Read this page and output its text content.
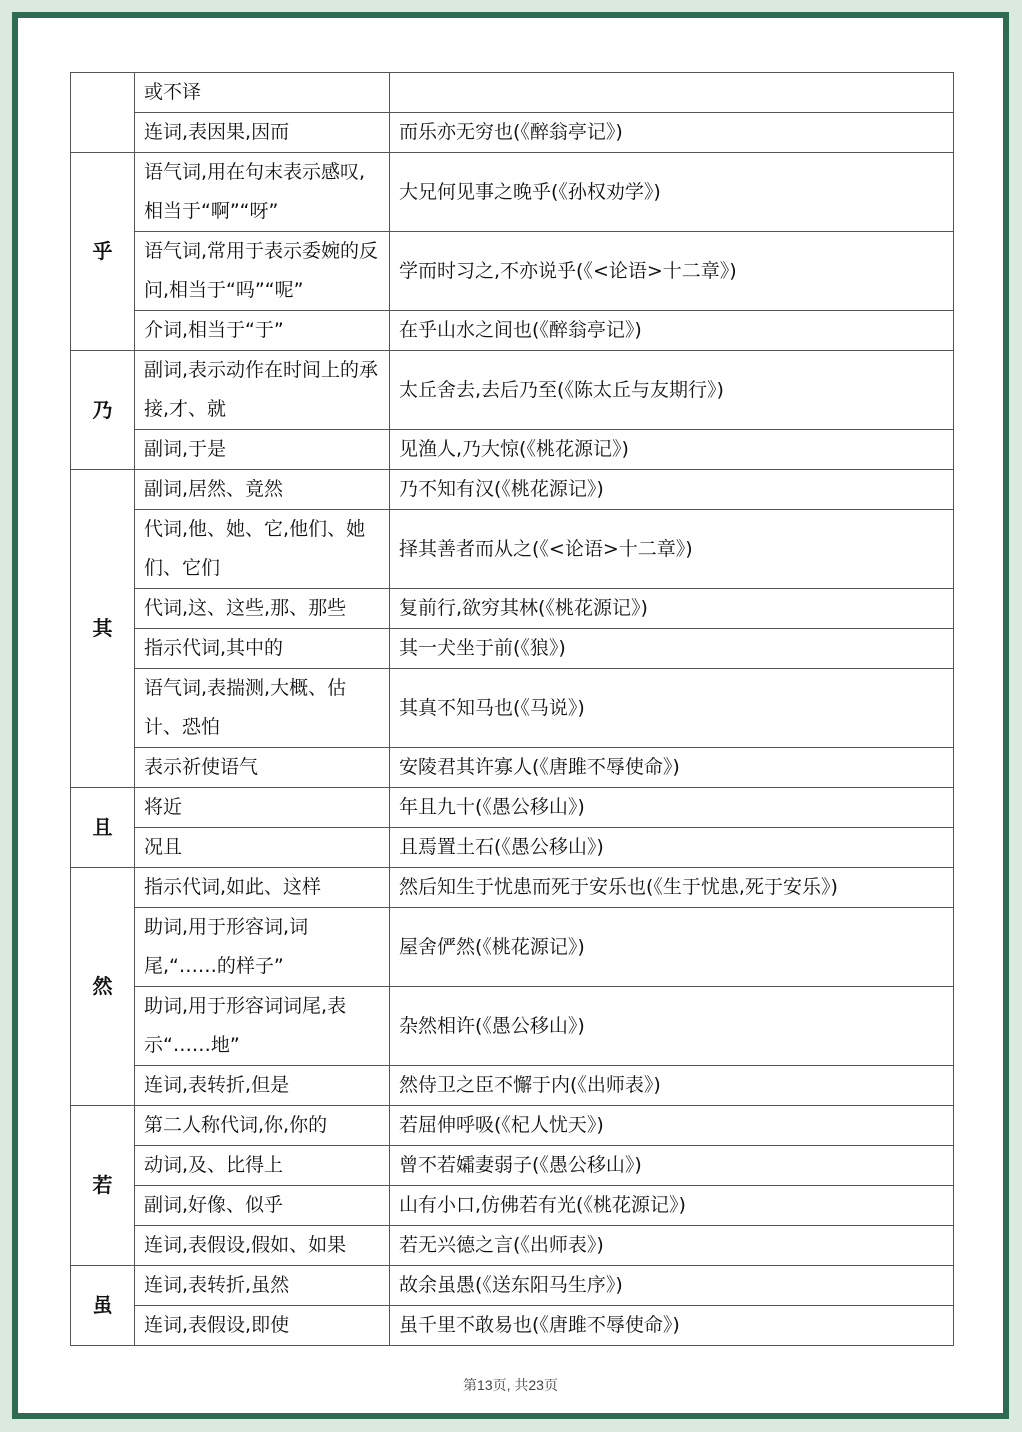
	或不译	
	连词,表因果,因而	而乐亦无穷也(《醉翁亭记》)
乎	语气词,用在句末表示感叹,相当于“啊”“呀”	大兄何见事之晚乎(《孙权劝学》)
	语气词,常用于表示委婉的反问,相当于“吗”“呢”	学而时习之,不亦说乎(《<论语>十二章》)
	介词,相当于“于”	在乎山水之间也(《醉翁亭记》)
乃	副词,表示动作在时间上的承接,才、就	太丘舍去,去后乃至(《陈太丘与友期行》)
	副词,于是	见渔人,乃大惊(《桃花源记》)
其	副词,居然、竟然	乃不知有汉(《桃花源记》)
	代词,他、她、它,他们、她们、它们	择其善者而从之(《<论语>十二章》)
	代词,这、这些,那、那些	复前行,欲穷其林(《桃花源记》)
	指示代词,其中的	其一犬坐于前(《狼》)
	语气词,表揣测,大概、估计、恐怕	其真不知马也(《马说》)
	表示祈使语气	安陵君其许寡人(《唐雎不辱使命》)
且	将近	年且九十(《愚公移山》)
	况且	且焉置土石(《愚公移山》)
然	指示代词,如此、这样	然后知生于忧患而死于安乐也(《生于忧患,死于安乐》)
	助词,用于形容词,词尾,“……的样子”	屋舍俨然(《桃花源记》)
	助词,用于形容词词尾,表示“……地”	杂然相许(《愚公移山》)
	连词,表转折,但是	然侍卫之臣不懈于内(《出师表》)
若	第二人称代词,你,你的	若屈伸呼吸(《杞人忧天》)
	动词,及、比得上	曾不若孀妻弱子(《愚公移山》)
	副词,好像、似乎	山有小口,仿佛若有光(《桃花源记》)
	连词,表假设,假如、如果	若无兴德之言(《出师表》)
虽	连词,表转折,虽然	故余虽愚(《送东阳马生序》)
	连词,表假设,即使	虽千里不敢易也(《唐雎不辱使命》)
第13页, 共23页
